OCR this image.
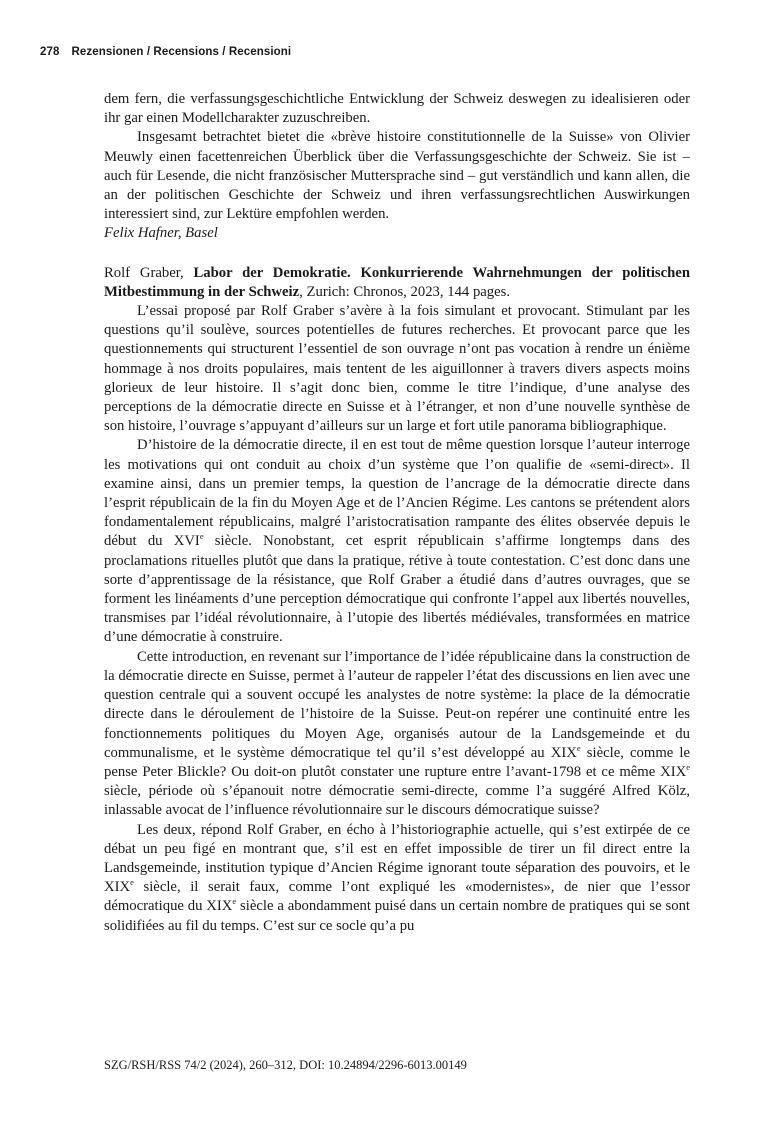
278 Rezensionen / Recensions / Recensioni

dem fern, die verfassungsgeschichtliche Entwicklung der Schweiz deswegen zu idealisieren oder ihr gar einen Modellcharakter zuzuschreiben.

Insgesamt betrachtet bietet die «brève histoire constitutionnelle de la Suisse» von Olivier Meuwly einen facettenreichen Überblick über die Verfassungsgeschichte der Schweiz. Sie ist – auch für Lesende, die nicht französischer Muttersprache sind – gut verständlich und kann allen, die an der politischen Geschichte der Schweiz und ihren verfassungsrechtlichen Auswirkungen interessiert sind, zur Lektüre empfohlen werden.

Felix Hafner, Basel

Rolf Graber, Labor der Demokratie. Konkurrierende Wahrnehmungen der politischen Mitbestimmung in der Schweiz, Zurich: Chronos, 2023, 144 pages.

L’essai proposé par Rolf Graber s’avère à la fois simulant et provocant. Stimulant par les questions qu’il soulève, sources potentielles de futures recherches. Et provocant parce que les questionnements qui structurent l’essentiel de son ouvrage n’ont pas vocation à rendre un énième hommage à nos droits populaires, mais tentent de les aiguillonner à travers divers aspects moins glorieux de leur histoire. Il s’agit donc bien, comme le titre l’indique, d’une analyse des perceptions de la démocratie directe en Suisse et à l’étranger, et non d’une nouvelle synthèse de son histoire, l’ouvrage s’appuyant d’ailleurs sur un large et fort utile panorama bibliographique.

D’histoire de la démocratie directe, il en est tout de même question lorsque l’auteur interroge les motivations qui ont conduit au choix d’un système que l’on qualifie de «semi-direct». Il examine ainsi, dans un premier temps, la question de l’ancrage de la démocratie directe dans l’esprit républicain de la fin du Moyen Age et de l’Ancien Régime. Les cantons se prétendent alors fondamentalement républicains, malgré l’aristocratisation rampante des élites observée depuis le début du XVIe siècle. Nonobstant, cet esprit républicain s’affirme longtemps dans des proclamations rituelles plutôt que dans la pratique, rétive à toute contestation. C’est donc dans une sorte d’apprentissage de la résistance, que Rolf Graber a étudié dans d’autres ouvrages, que se forment les linéaments d’une perception démocratique qui confronte l’appel aux libertés nouvelles, transmises par l’idéal révolutionnaire, à l’utopie des libertés médiévales, transformées en matrice d’une démocratie à construire.

Cette introduction, en revenant sur l’importance de l’idée républicaine dans la construction de la démocratie directe en Suisse, permet à l’auteur de rappeler l’état des discussions en lien avec une question centrale qui a souvent occupé les analystes de notre système: la place de la démocratie directe dans le déroulement de l’histoire de la Suisse. Peut-on repérer une continuité entre les fonctionnements politiques du Moyen Age, organisés autour de la Landsgemeinde et du communalisme, et le système démocratique tel qu’il s’est développé au XIXe siècle, comme le pense Peter Blickle? Ou doit-on plutôt constater une rupture entre l’avant-1798 et ce même XIXe siècle, période où s’épanouit notre démocratie semi-directe, comme l’a suggéré Alfred Kölz, inlassable avocat de l’influence révolutionnaire sur le discours démocratique suisse?

Les deux, répond Rolf Graber, en écho à l’historiographie actuelle, qui s’est extirpée de ce débat un peu figé en montrant que, s’il est en effet impossible de tirer un fil direct entre la Landsgemeinde, institution typique d’Ancien Régime ignorant toute séparation des pouvoirs, et le XIXe siècle, il serait faux, comme l’ont expliqué les «modernistes», de nier que l’essor démocratique du XIXe siècle a abondamment puisé dans un certain nombre de pratiques qui se sont solidifiées au fil du temps. C’est sur ce socle qu’a pu

SZG/RSH/RSS 74/2 (2024), 260–312, DOI: 10.24894/2296-6013.00149
